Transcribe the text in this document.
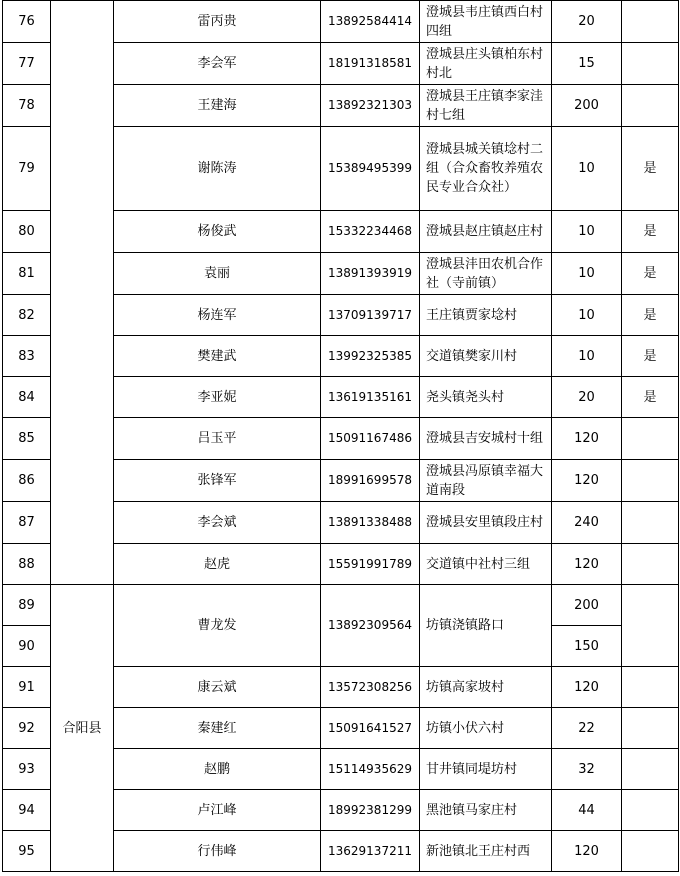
76		雷丙贵	13892584414	澄城县韦庄镇西白村四组	20	
77		李会军	18191318581	澄城县庄头镇柏东村村北	15	
78		王建海	13892321303	澄城县王庄镇李家洼村七组	200	
79		谢陈涛	15389495399	澄城县城关镇埝村二组（合众畜牧养殖农民专业合众社）	10	是
80		杨俊武	15332234468	澄城县赵庄镇赵庄村	10	是
81		袁丽	13891393919	澄城县沣田农机合作社（寺前镇）	10	是
82		杨连军	13709139717	王庄镇贾家埝村	10	是
83		樊建武	13992325385	交道镇樊家川村	10	是
84		李亚妮	13619135161	尧头镇尧头村	20	是
85		吕玉平	15091167486	澄城县吉安城村十组	120	
86		张锋军	18991699578	澄城县冯原镇幸福大道南段	120	
87		李会斌	13891338488	澄城县安里镇段庄村	240	
88		赵虎	15591991789	交道镇中社村三组	120	
89	合阳县	曹龙发	13892309564	坊镇浇镇路口	200	
90					150	
91		康云斌	13572308256	坊镇高家坡村	120	
92		秦建红	15091641527	坊镇小伏六村	22	
93		赵鹏	15114935629	甘井镇同堤坊村	32	
94		卢江峰	18992381299	黑池镇马家庄村	44	
95		行伟峰	13629137211	新池镇北王庄村西	120	
